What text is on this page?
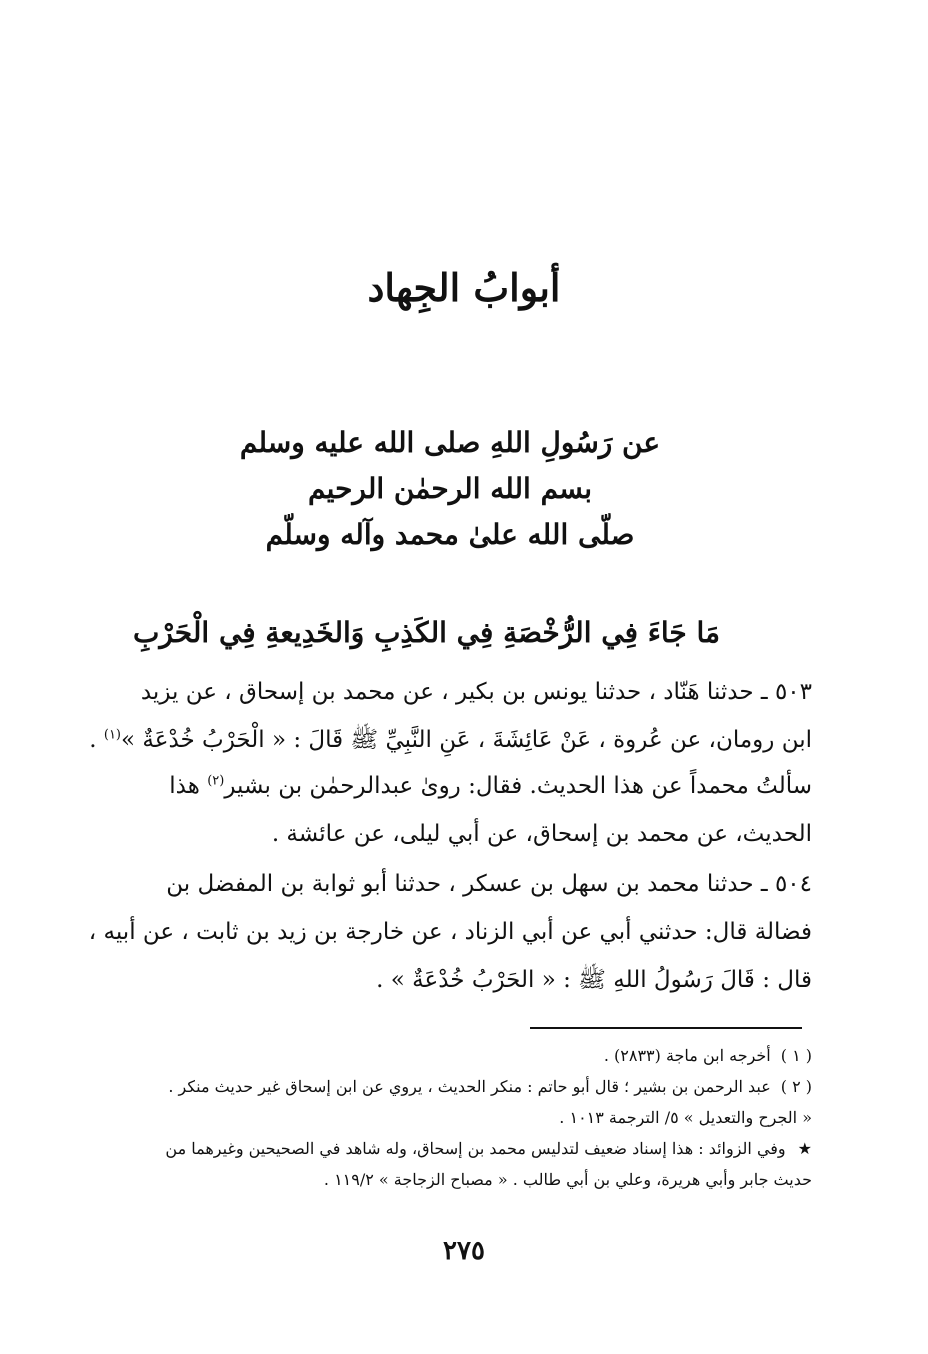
أبوابُ الجِهاد
عن رَسُولِ اللهِ صلى الله عليه وسلم
بسم الله الرحمٰن الرحيم
صلّى الله علىٰ محمد وآله وسلّم
مَا جَاءَ فِي الرُّخْصَةِ فِي الكَذِبِ وَالخَدِيعةِ فِي الْحَرْبِ
٥٠٣ ـ حدثنا هَنّاد ، حدثنا يونس بن بكير ، عن محمد بن إسحاق ، عن يزيد
ابن رومان، عن عُروة ، عَنْ عَائِشَةَ ، عَنِ النَّبِيِّ ﷺ قَالَ : « الْحَرْبُ خُدْعَةٌ »$^{(١)}$ .
سألتُ محمداً عن هذا الحديث. فقال: روىٰ عبدالرحمٰن بن بشير$^{(٢)}$ هذا
الحديث، عن محمد بن إسحاق، عن أبي ليلى، عن عائشة .
٥٠٤ ـ حدثنا محمد بن سهل بن عسكر ، حدثنا أبو ثوابة بن المفضل بن
فضالة قال: حدثني أبي عن أبي الزناد ، عن خارجة بن زيد بن ثابت ، عن أبيه ،
قال : قَالَ رَسُولُ اللهِ ﷺ : « الحَرْبُ خُدْعَةٌ » .
( ١ )أخرجه ابن ماجة (٢٨٣٣) .
( ٢ )عبد الرحمن بن بشير ؛ قال أبو حاتم : منكر الحديث ، يروي عن ابن إسحاق غير حديث منكر .
« الجرح والتعديل » ٥/ الترجمة ١٠١٣ .
★وفي الزوائد : هذا إسناد ضعيف لتدليس محمد بن إسحاق، وله شاهد في الصحيحين وغيرهما من
حديث جابر وأبي هريرة، وعلي بن أبي طالب . « مصباح الزجاجة » ١١٩/٢ .
٢٧٥
